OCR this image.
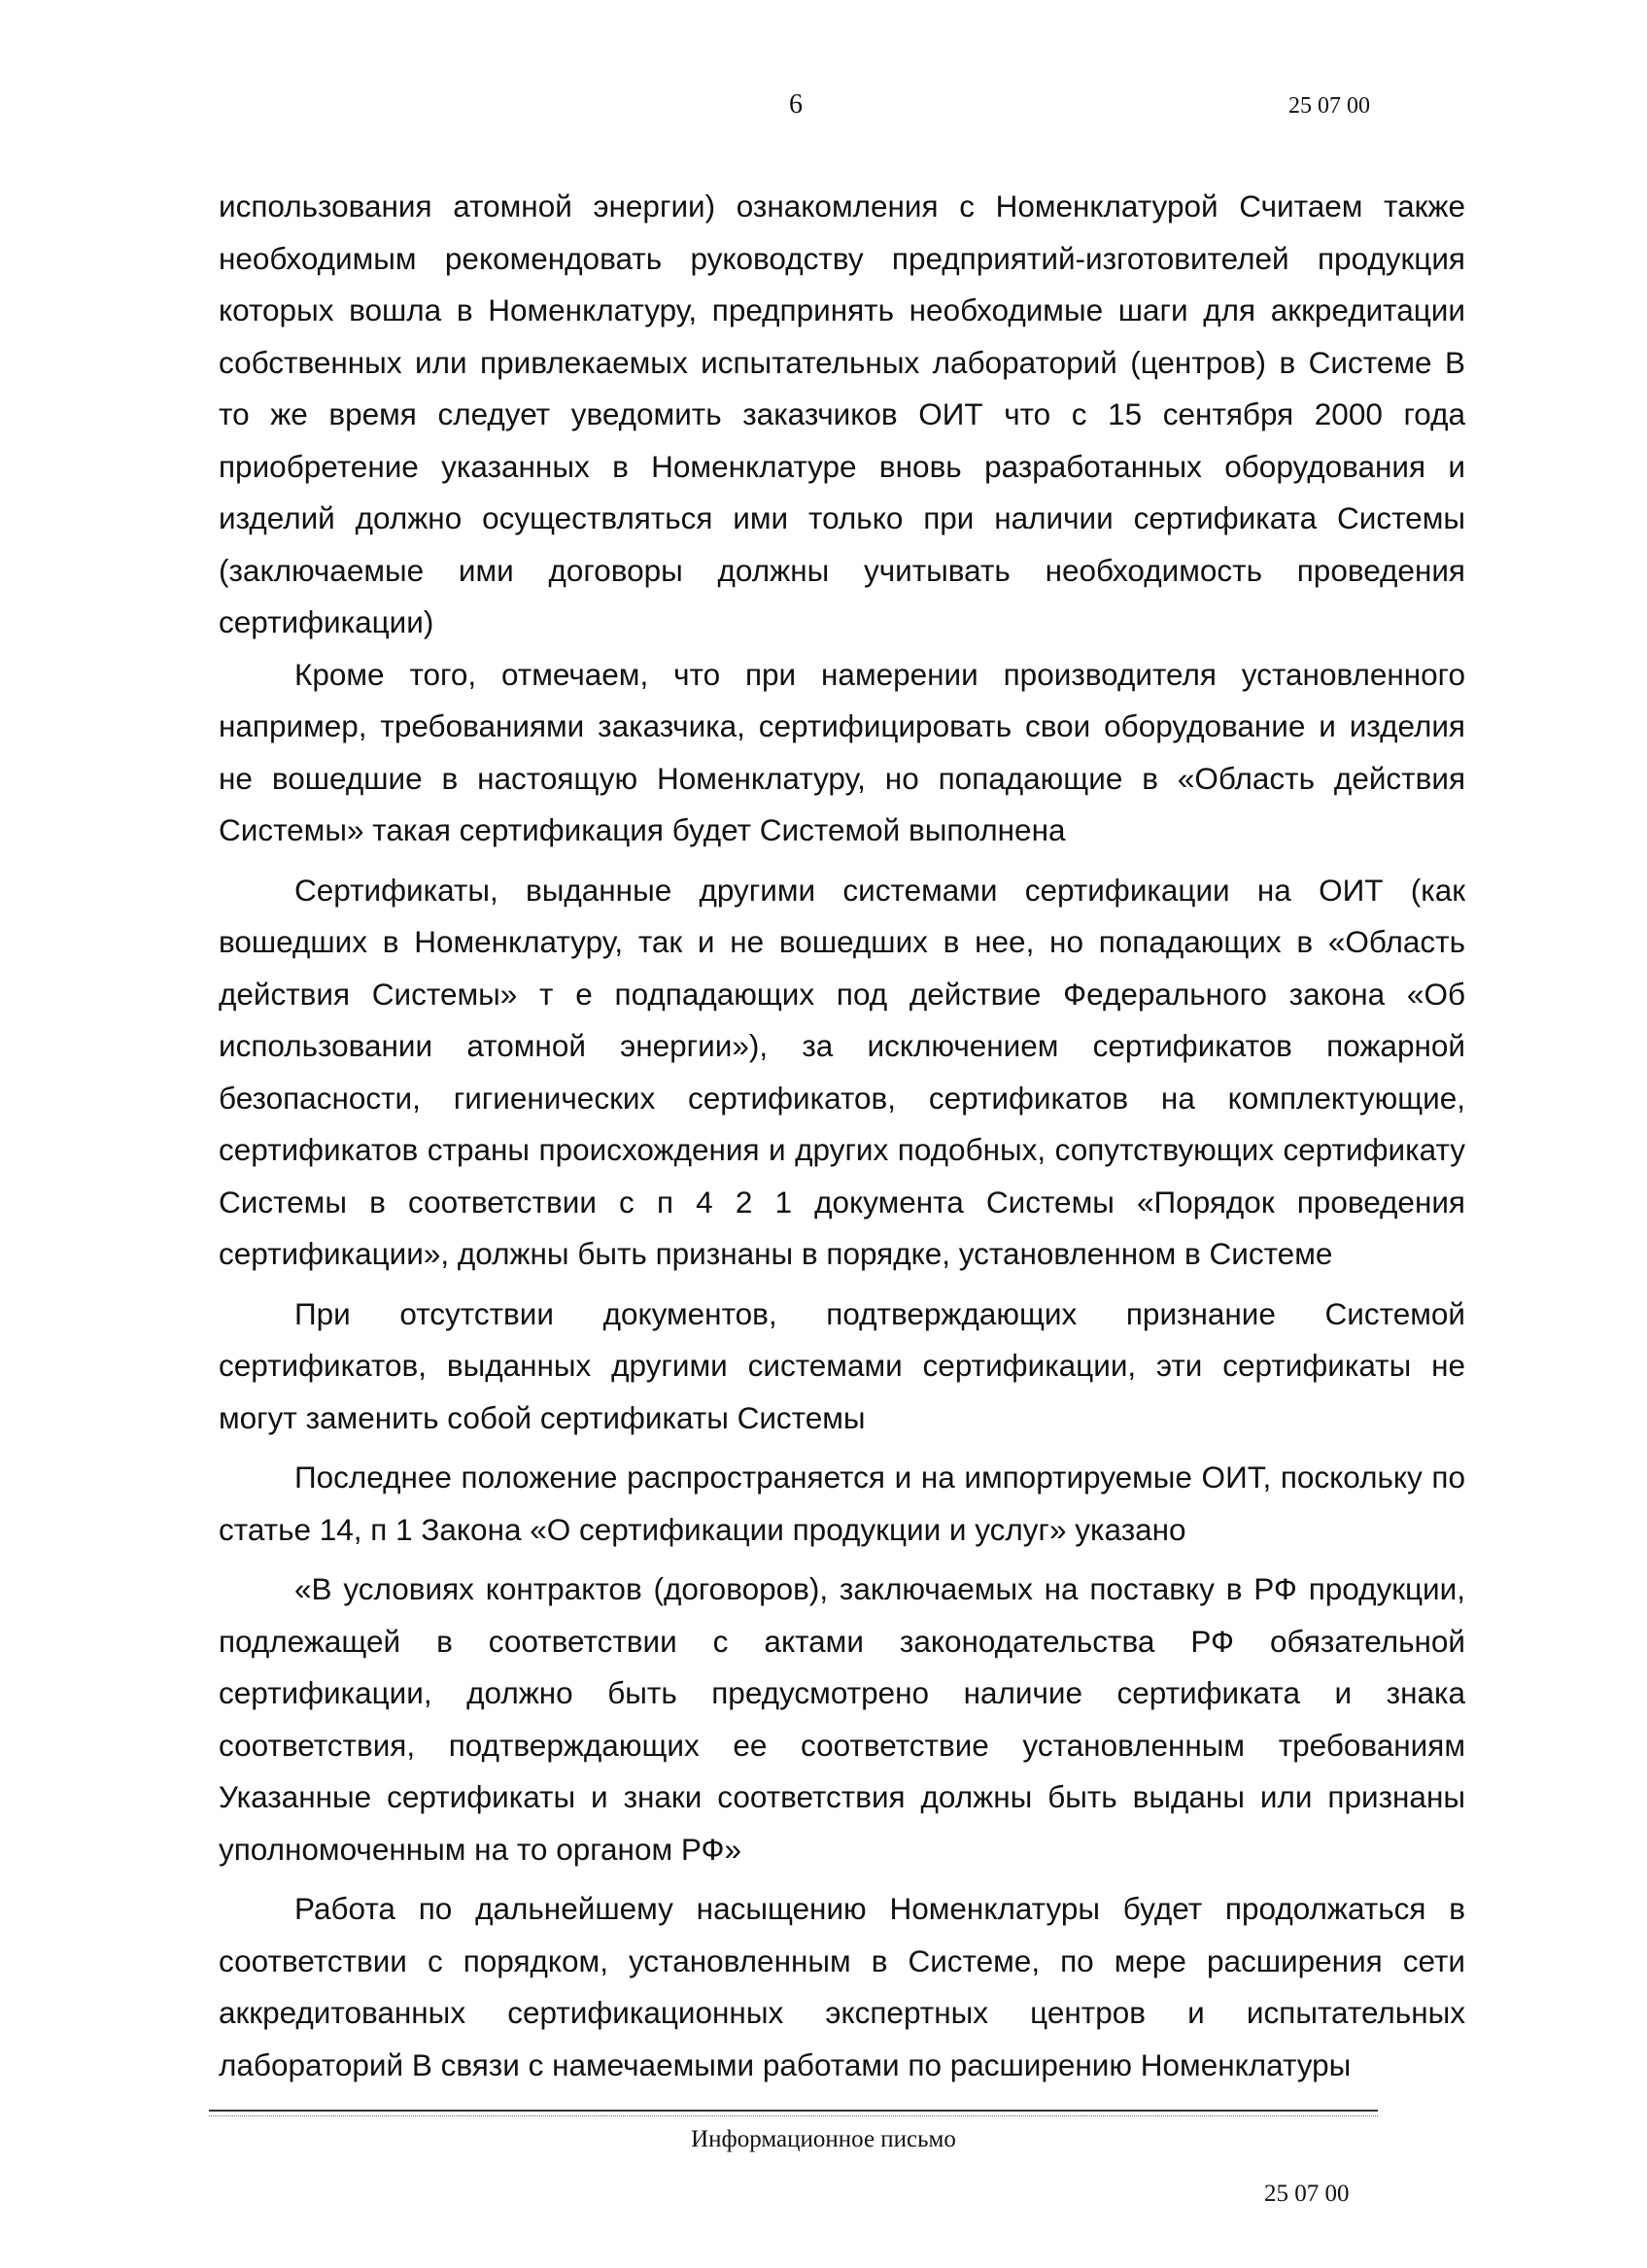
6	25 07 00

использования атомной энергии) ознакомления с Номенклатурой Считаем также необходимым рекомендовать руководству предприятий-изготовителей продукция которых вошла в Номенклатуру, предпринять необходимые шаги для аккредитации собственных или привлекаемых испытательных лабораторий (центров) в Системе В то же время следует уведомить заказчиков ОИТ что с 15 сентября 2000 года приобретение указанных в Номенклатуре вновь разработанных оборудования и изделий должно осуществляться ими только при наличии сертификата Системы (заключаемые ими договоры должны учитывать необходимость проведения сертификации)

Кроме того, отмечаем, что при намерении производителя установленного например, требованиями заказчика, сертифицировать свои оборудование и изделия не вошедшие в настоящую Номенклатуру, но попадающие в «Область действия Системы» такая сертификация будет Системой выполнена

Сертификаты, выданные другими системами сертификации на ОИТ (как вошедших в Номенклатуру, так и не вошедших в нее, но попадающих в «Область действия Системы» т е подпадающих под действие Федерального закона «Об использовании атомной энергии»), за исключением сертификатов пожарной безопасности, гигиенических сертификатов, сертификатов на комплектующие, сертификатов страны происхождения и других подобных, сопутствующих сертификату Системы в соответствии с п 4 2 1 документа Системы «Порядок проведения сертификации», должны быть признаны в порядке, установленном в Системе

При отсутствии документов, подтверждающих признание Системой сертификатов, выданных другими системами сертификации, эти сертификаты не могут заменить собой сертификаты Системы

Последнее положение распространяется и на импортируемые ОИТ, поскольку по статье 14, п 1 Закона «О сертификации продукции и услуг» указано

«В условиях контрактов (договоров), заключаемых на поставку в РФ продукции, подлежащей в соответствии с актами законодательства РФ обязательной сертификации, должно быть предусмотрено наличие сертификата и знака соответствия, подтверждающих ее соответствие установленным требованиям Указанные сертификаты и знаки соответствия должны быть выданы или признаны уполномоченным на то органом РФ»

Работа по дальнейшему насыщению Номенклатуры будет продолжаться в соответствии с порядком, установленным в Системе, по мере расширения сети аккредитованных сертификационных экспертных центров и испытательных лабораторий В связи с намечаемыми работами по расширению Номенклатуры

Информационное письмо
25 07 00
